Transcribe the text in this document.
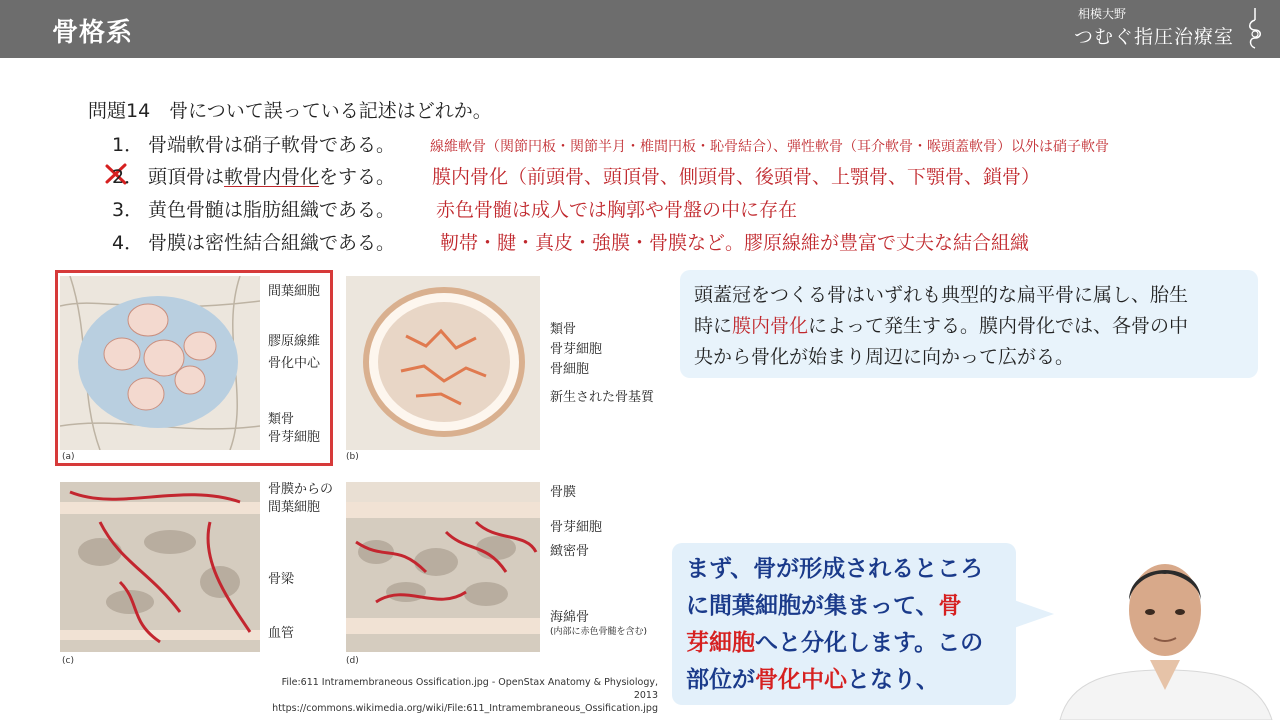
骨格系
相模大野
つむぐ指圧治療室
問題14　骨について誤っている記述はどれか。
1． 骨端軟骨は硝子軟骨である。 線維軟骨（関節円板・関節半月・椎間円板・恥骨結合）、弾性軟骨（耳介軟骨・喉頭蓋軟骨）以外は硝子軟骨
2． 頭頂骨は軟骨内骨化をする。 膜内骨化（前頭骨、頭頂骨、側頭骨、後頭骨、上顎骨、下顎骨、鎖骨）
3． 黄色骨髄は脂肪組織である。 赤色骨髄は成人では胸郭や骨盤の中に存在
4． 骨膜は密性結合組織である。 靭帯・腱・真皮・強膜・骨膜など。膠原線維が豊富で丈夫な結合組織
(a)
間葉細胞
膠原線維
骨化中心
類骨
骨芽細胞
(b)
類骨
骨芽細胞
骨細胞
新生された骨基質
(c)
骨膜からの
間葉細胞
骨梁
血管
(d)
骨膜
骨芽細胞
緻密骨
海綿骨
(内部に赤色骨髄を含む)
File:611 Intramembraneous Ossification.jpg - OpenStax Anatomy & Physiology, 2013
https://commons.wikimedia.org/wiki/File:611_Intramembraneous_Ossification.jpg
頭蓋冠をつくる骨はいずれも典型的な扁平骨に属し、胎生
時に膜内骨化によって発生する。膜内骨化では、各骨の中
央から骨化が始まり周辺に向かって広がる。
まず、骨が形成されるところ
に間葉細胞が集まって、骨
芽細胞へと分化します。この
部位が骨化中心となり、
